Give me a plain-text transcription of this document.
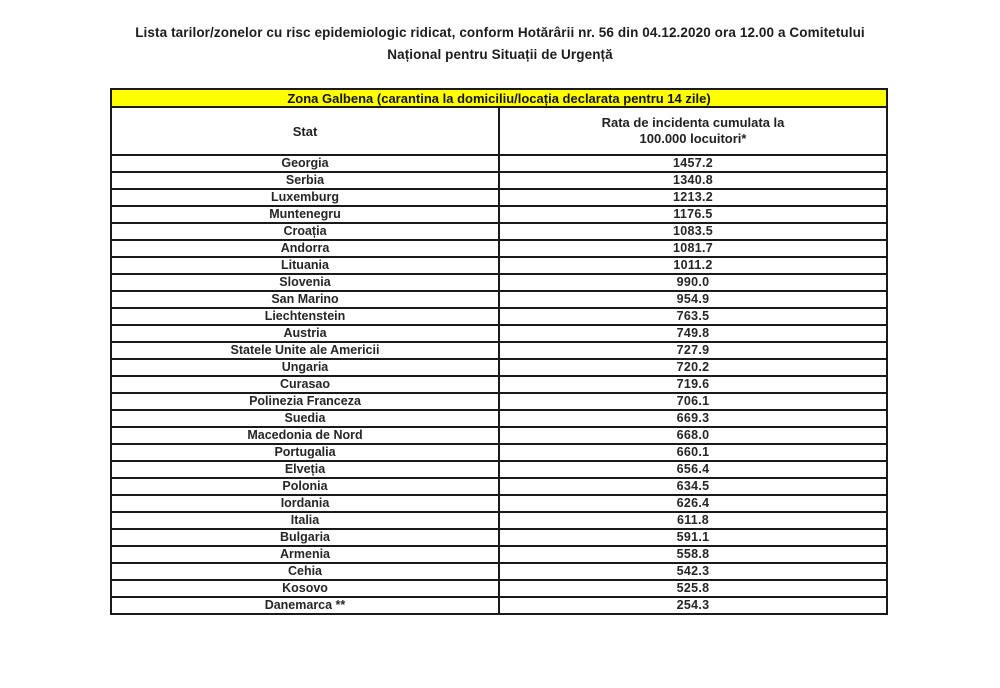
Lista tarilor/zonelor cu risc epidemiologic ridicat, conform Hotărârii nr. 56 din 04.12.2020 ora 12.00 a Comitetului
Național pentru Situații de Urgență
Zona Galbena (carantina la domiciliu/locația declarata pentru 14 zile)	
Stat	Rata de incidenta cumulata la 100.000 locuitori*

Georgia	1457.2
Serbia	1340.8
Luxemburg	1213.2
Muntenegru	1176.5
Croația	1083.5
Andorra	1081.7
Lituania	1011.2
Slovenia	990.0
San Marino	954.9
Liechtenstein	763.5
Austria	749.8
Statele Unite ale Americii	727.9
Ungaria	720.2
Curasao	719.6
Polinezia Franceza	706.1
Suedia	669.3
Macedonia de Nord	668.0
Portugalia	660.1
Elveția	656.4
Polonia	634.5
Iordania	626.4
Italia	611.8
Bulgaria	591.1
Armenia	558.8
Cehia	542.3
Kosovo	525.8
Danemarca **	254.3
